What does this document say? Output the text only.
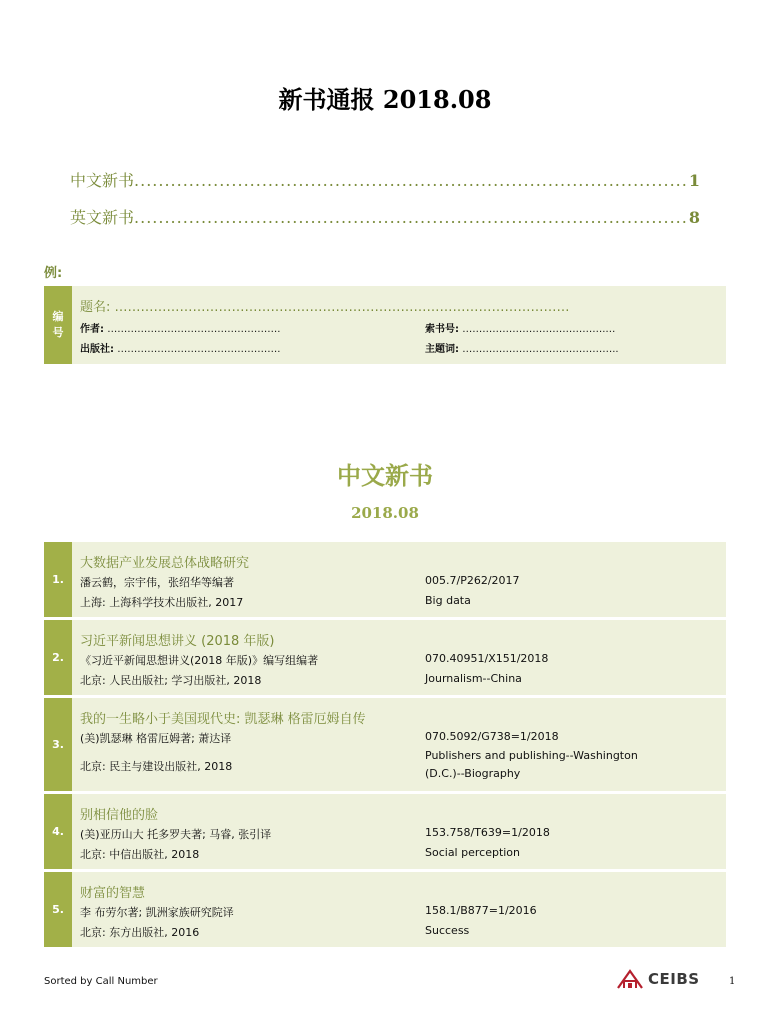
新书通报 2018.08
中文新书 .....	1
英文新书 .....	8
例:
编
号
题名: ……………………………………………………………………………………………
作者: …………………………………………….
出版社: ………………………………………….
索书号: …………………………………….…
主题词: ………………………………………..
中文新书
2018.08
1.
大数据产业发展总体战略研究
潘云鹤，宗宇伟，张绍华等编著
上海: 上海科学技术出版社, 2017
005.7/P262/2017
Big data
2.
习近平新闻思想讲义 (2018 年版)
《习近平新闻思想讲义(2018 年版)》编写组编著
北京: 人民出版社; 学习出版社, 2018
070.40951/X151/2018
Journalism--China
3.
我的一生略小于美国现代史: 凯瑟琳 格雷厄姆自传
(美)凯瑟琳 格雷厄姆著; 萧达译
北京: 民主与建设出版社, 2018
070.5092/G738=1/2018
Publishers and publishing--Washington (D.C.)--Biography
4.
别相信他的脸
(美)亚历山大 托多罗夫著; 马睿, 张引译
北京: 中信出版社, 2018
153.758/T639=1/2018
Social perception
5.
财富的智慧
李 布劳尔著; 凯洲家族研究院译
北京: 东方出版社, 2016
158.1/B877=1/2016
Success
Sorted by Call Number	CEIBS	1
